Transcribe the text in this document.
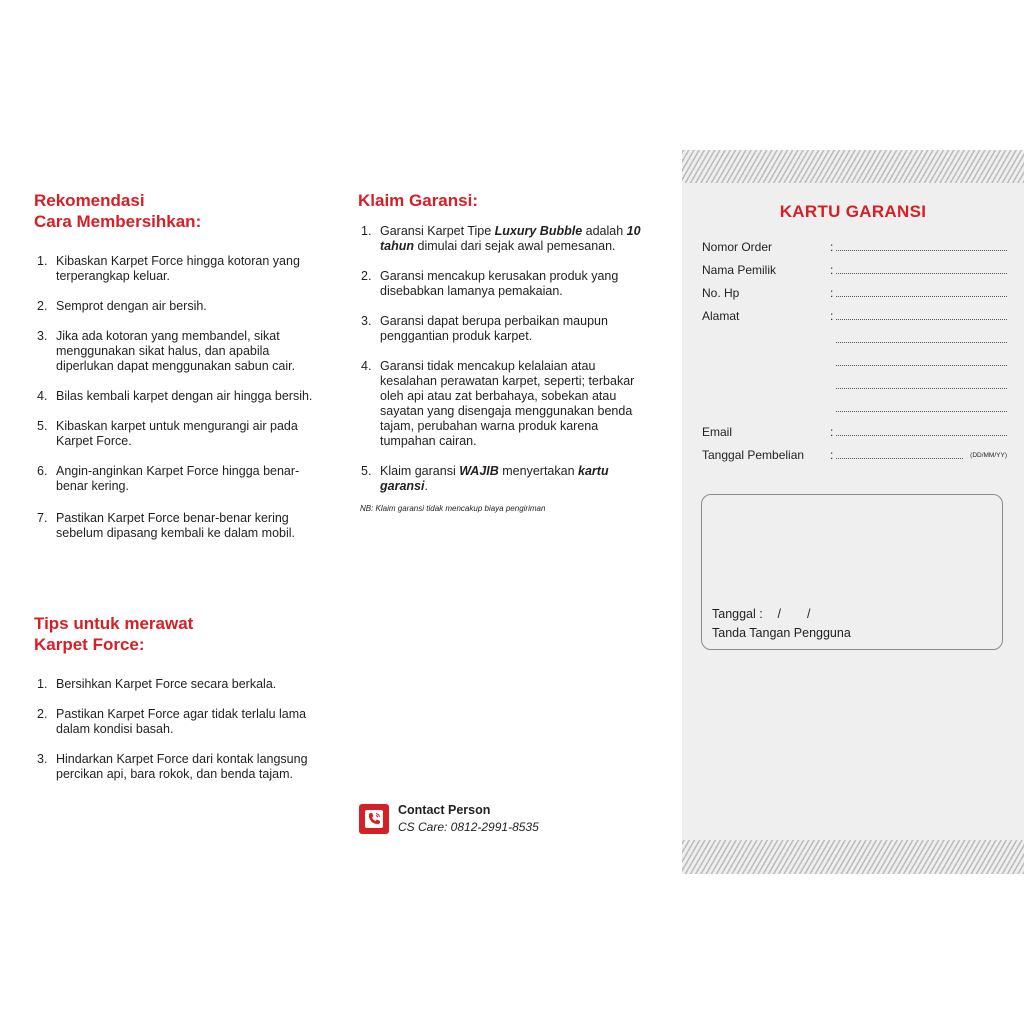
Rekomendasi
Cara Membersihkan:
1. Kibaskan Karpet Force hingga kotoran yang terperangkap keluar.
2. Semprot dengan air bersih.
3. Jika ada kotoran yang membandel, sikat menggunakan sikat halus, dan apabila diperlukan dapat menggunakan sabun cair.
4. Bilas kembali karpet dengan air hingga bersih.
5. Kibaskan karpet untuk mengurangi air pada Karpet Force.
6. Angin-anginkan Karpet Force hingga benar-benar kering.
7. Pastikan Karpet Force benar-benar kering sebelum dipasang kembali ke dalam mobil.
Tips untuk merawat
Karpet Force:
1. Bersihkan Karpet Force secara berkala.
2. Pastikan Karpet Force agar tidak terlalu lama dalam kondisi basah.
3. Hindarkan Karpet Force dari kontak langsung percikan api, bara rokok, dan benda tajam.
Klaim Garansi:
1. Garansi Karpet Tipe Luxury Bubble adalah 10 tahun dimulai dari sejak awal pemesanan.
2. Garansi mencakup kerusakan produk yang disebabkan lamanya pemakaian.
3. Garansi dapat berupa perbaikan maupun penggantian produk karpet.
4. Garansi tidak mencakup kelalaian atau kesalahan perawatan karpet, seperti; terbakar oleh api atau zat berbahaya, sobekan atau sayatan yang disengaja menggunakan benda tajam, perubahan warna produk karena tumpahan cairan.
5. Klaim garansi WAJIB menyertakan kartu garansi.
NB: Klaim garansi tidak mencakup biaya pengiriman
Contact Person
CS Care: 0812-2991-8535
KARTU GARANSI
Nomor Order	:
Nama Pemilik	:
No. Hp	:
Alamat	:
Email	:
Tanggal Pembelian :	(DD/MM/YY)
Tanggal : / /
Tanda Tangan Pengguna
